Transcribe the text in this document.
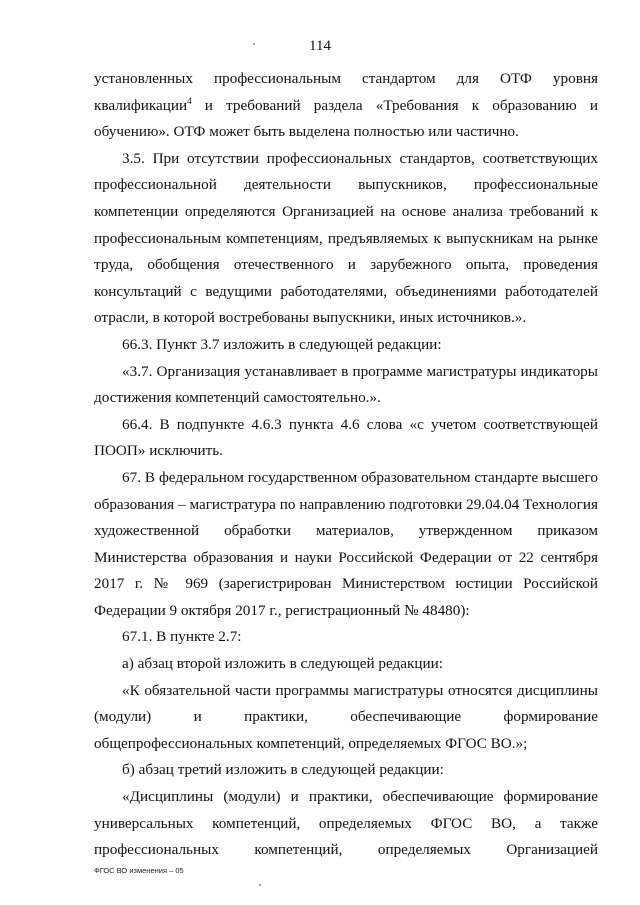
114

установленных профессиональным стандартом для ОТФ уровня квалификации$^4$ и требований раздела «Требования к образованию и обучению». ОТФ может быть выделена полностью или частично.

3.5. При отсутствии профессиональных стандартов, соответствующих профессиональной деятельности выпускников, профессиональные компетенции определяются Организацией на основе анализа требований к профессиональным компетенциям, предъявляемых к выпускникам на рынке труда, обобщения отечественного и зарубежного опыта, проведения консультаций с ведущими работодателями, объединениями работодателей отрасли, в которой востребованы выпускники, иных источников.».

66.3. Пункт 3.7 изложить в следующей редакции:

«3.7. Организация устанавливает в программе магистратуры индикаторы достижения компетенций самостоятельно.».

66.4. В подпункте 4.6.3 пункта 4.6 слова «с учетом соответствующей ПООП» исключить.

67. В федеральном государственном образовательном стандарте высшего образования – магистратура по направлению подготовки 29.04.04 Технология художественной обработки материалов, утвержденном приказом Министерства образования и науки Российской Федерации от 22 сентября 2017 г. № 969 (зарегистрирован Министерством юстиции Российской Федерации 9 октября 2017 г., регистрационный № 48480):

67.1. В пункте 2.7:

а) абзац второй изложить в следующей редакции:

«К обязательной части программы магистратуры относятся дисциплины (модули) и практики, обеспечивающие формирование общепрофессиональных компетенций, определяемых ФГОС ВО.»;

б) абзац третий изложить в следующей редакции:

«Дисциплины (модули) и практики, обеспечивающие формирование универсальных компетенций, определяемых ФГОС ВО, а также профессиональных компетенций, определяемых Организацией

ФГОС ВО изменения – 05
